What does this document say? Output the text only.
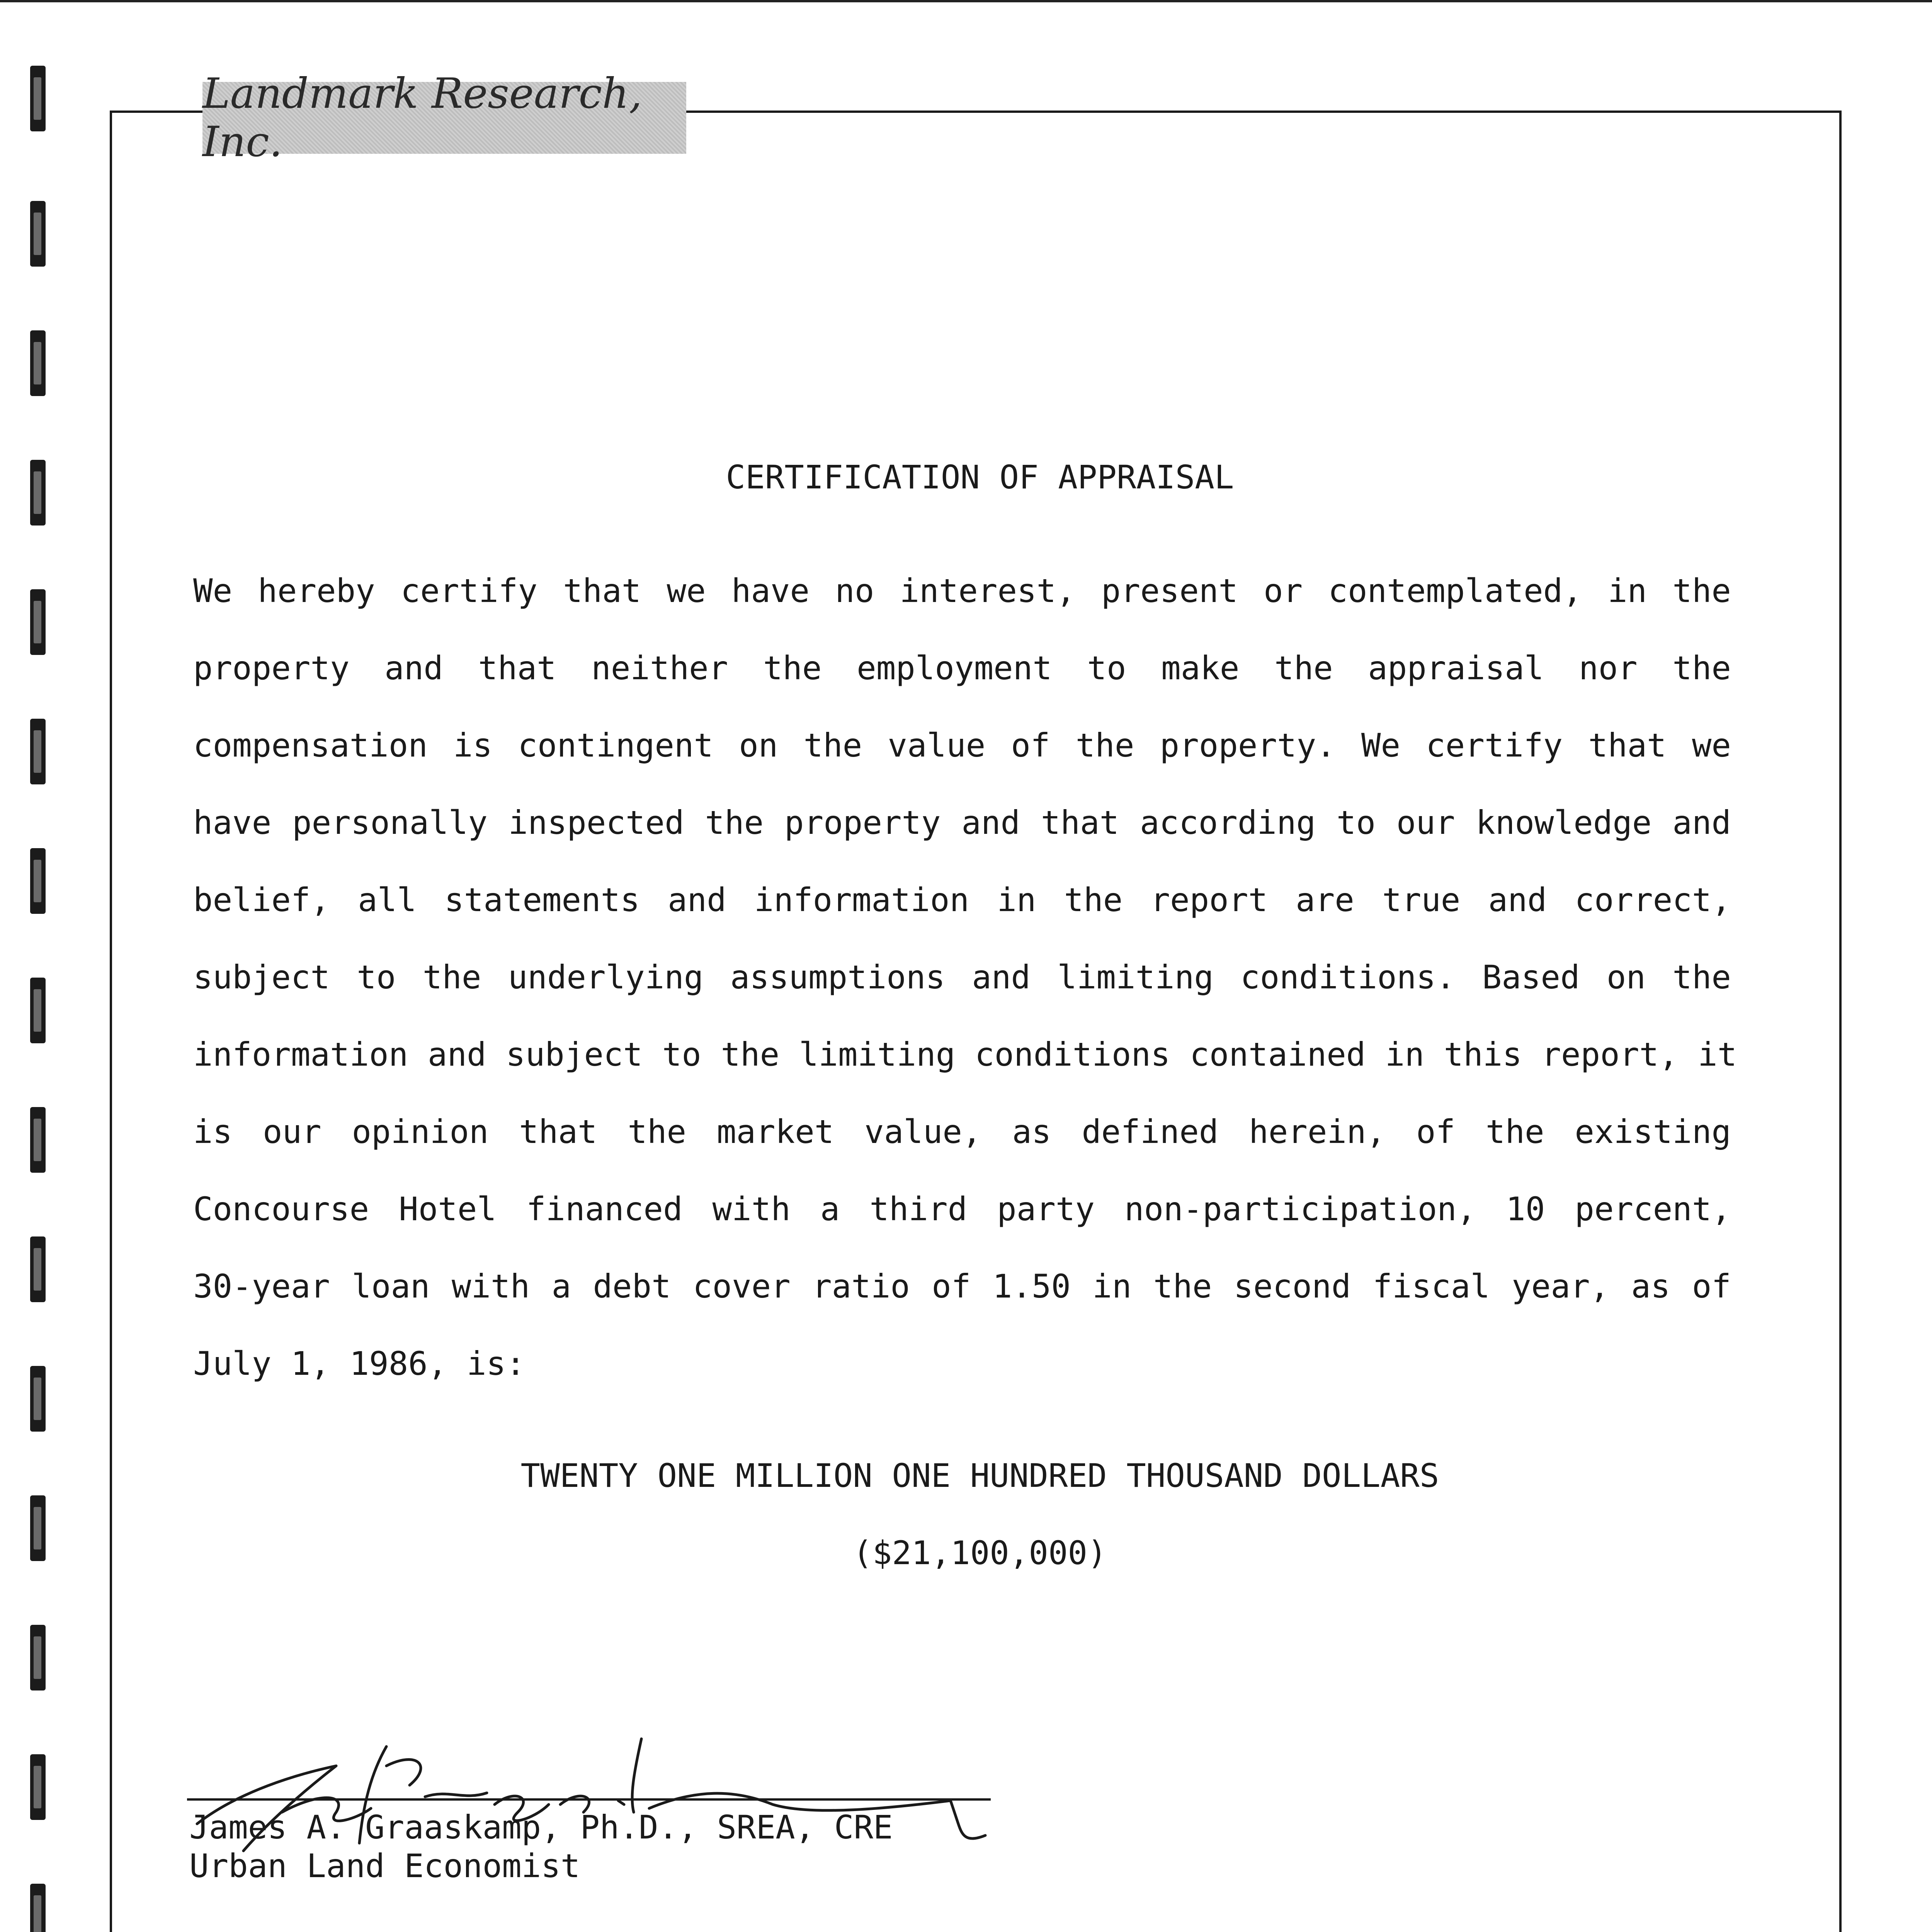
Landmark Research, Inc.
CERTIFICATION OF APPRAISAL
We hereby certify that we have no interest, present or contemplated, in the
property and that neither the employment to make the appraisal nor the
compensation is contingent on the value of the property. We certify that we
have personally inspected the property and that according to our knowledge and
belief, all statements and information in the report are true and correct,
subject to the underlying assumptions and limiting conditions. Based on the
information and subject to the limiting conditions contained in this report, it
is our opinion that the market value, as defined herein, of the existing
Concourse Hotel financed with a third party non-participation, 10 percent,
30-year loan with a debt cover ratio of 1.50 in the second fiscal year, as of
July 1, 1986, is:
TWENTY ONE MILLION ONE HUNDRED THOUSAND DOLLARS
($21,100,000)
James A. Graaskamp, Ph.D., SREA, CRE
Urban Land Economist
